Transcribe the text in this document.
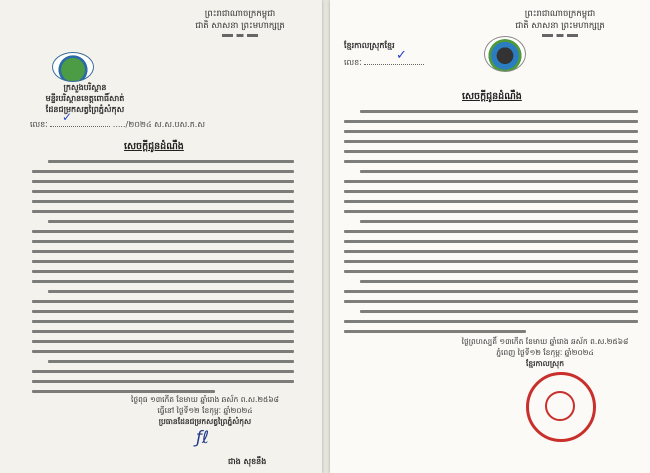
ព្រះរាជាណាចក្រកម្ពុជា
ជាតិ សាសនា ព្រះមហាក្សត្រ
ក្រសួងបរិស្ថាន
មន្ទីរបរិស្ថានខេត្តពោធិ៍សាត់
ដែនជម្រកសត្វព្រៃភ្នំសំកុស
លេខៈ	...../២០២៤ ស.ស.បស.ភ.ស
✓
សេចក្ដីជូនដំណឹង
ថ្ងៃពុធ ១៣កើត ខែមាឃ ឆ្នាំរោង ឆស័ក ព.ស.២៥៦៨
ធ្វើនៅ ថ្ងៃទី១២ ខែកុម្ភៈ ឆ្នាំ២០២៤
ប្រធានដែនជម្រកសត្វព្រៃភ្នំសំកុស
ƒℓ
ជាង សុខនឹង
ព្រះរាជាណាចក្រកម្ពុជា
ជាតិ សាសនា ព្រះមហាក្សត្រ
ខ្មែរកាលស្រុកខ្មែរ
លេខៈ	✓
សេចក្ដីជូនដំណឹង
ថ្ងៃព្រហស្បតិ៍ ១៣កើត ខែមាឃ ឆ្នាំរោង ឆស័ក ព.ស.២៥៦៨
ភ្នំពេញ ថ្ងៃទី១២ ខែកុម្ភៈ ឆ្នាំ២០២៤
ខ្មែរកាលស្រុក
